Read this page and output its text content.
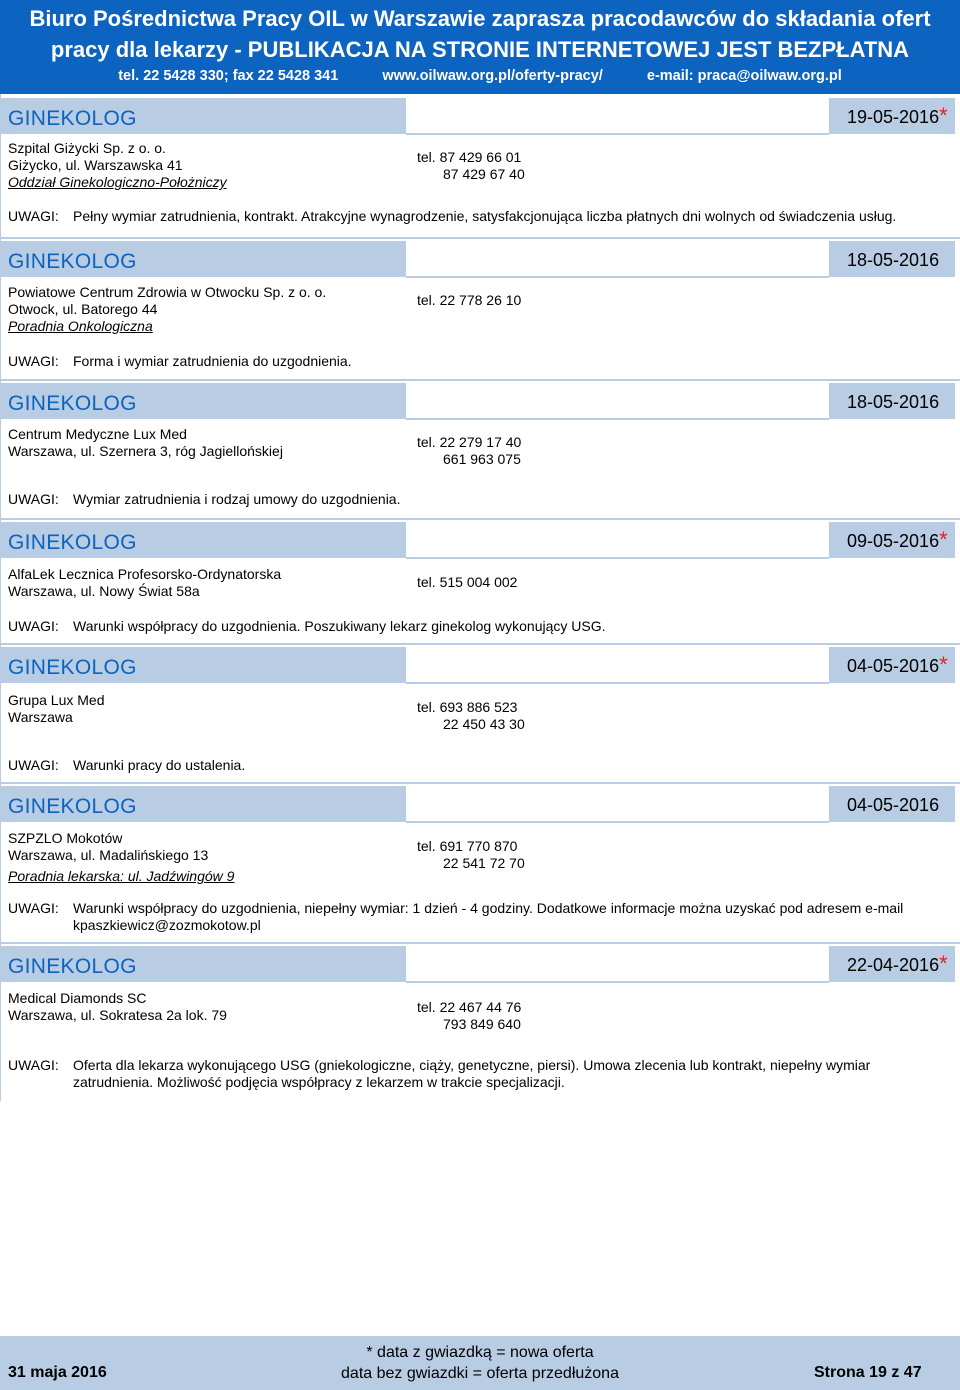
Biuro Pośrednictwa Pracy OIL w Warszawie zaprasza pracodawców do składania ofert
pracy dla lekarzy - PUBLIKACJA NA STRONIE INTERNETOWEJ JEST BEZPŁATNA
tel. 22 5428 330; fax 22 5428 341	www.oilwaw.org.pl/oferty-pracy/	e-mail: praca@oilwaw.org.pl
GINEKOLOG	19-05-2016*
Szpital Giżycki Sp. z o. o.
Giżycko, ul. Warszawska 41
Oddział Ginekologiczno-Położniczy
tel. 87 429 66 01
87 429 67 40
UWAGI: Pełny wymiar zatrudnienia, kontrakt. Atrakcyjne wynagrodzenie, satysfakcjonująca liczba płatnych dni wolnych od świadczenia usług.
GINEKOLOG	18-05-2016
Powiatowe Centrum Zdrowia w Otwocku Sp. z o. o.
Otwock, ul. Batorego 44
Poradnia Onkologiczna
tel. 22 778 26 10
UWAGI: Forma i wymiar zatrudnienia do uzgodnienia.
GINEKOLOG	18-05-2016
Centrum Medyczne Lux Med
Warszawa, ul. Szernera 3, róg Jagiellońskiej
tel. 22 279 17 40
661 963 075
UWAGI: Wymiar zatrudnienia i rodzaj umowy do uzgodnienia.
GINEKOLOG	09-05-2016*
AlfaLek Lecznica Profesorsko-Ordynatorska
Warszawa, ul. Nowy Świat 58a
tel. 515 004 002
UWAGI: Warunki współpracy do uzgodnienia. Poszukiwany lekarz ginekolog wykonujący USG.
GINEKOLOG	04-05-2016*
Grupa Lux Med
Warszawa
tel. 693 886 523
22 450 43 30
UWAGI: Warunki pracy do ustalenia.
GINEKOLOG	04-05-2016
SZPZLO Mokotów
Warszawa, ul. Madalińskiego 13
Poradnia lekarska: ul. Jadźwingów 9
tel. 691 770 870
22 541 72 70
UWAGI: Warunki współpracy do uzgodnienia, niepełny wymiar: 1 dzień - 4 godziny. Dodatkowe informacje można uzyskać pod adresem e-mail kpaszkiewicz@zozmokotow.pl
GINEKOLOG	22-04-2016*
Medical Diamonds SC
Warszawa, ul. Sokratesa 2a lok. 79	tel. 22 467 44 76
793 849 640
UWAGI: Oferta dla lekarza wykonującego USG (gniekologiczne, ciąży, genetyczne, piersi). Umowa zlecenia lub kontrakt, niepełny wymiar zatrudnienia. Możliwość podjęcia współpracy z lekarzem w trakcie specjalizacji.
31 maja 2016
* data z gwiazdką = nowa oferta
data bez gwiazdki = oferta przedłużona	Strona 19 z 47
